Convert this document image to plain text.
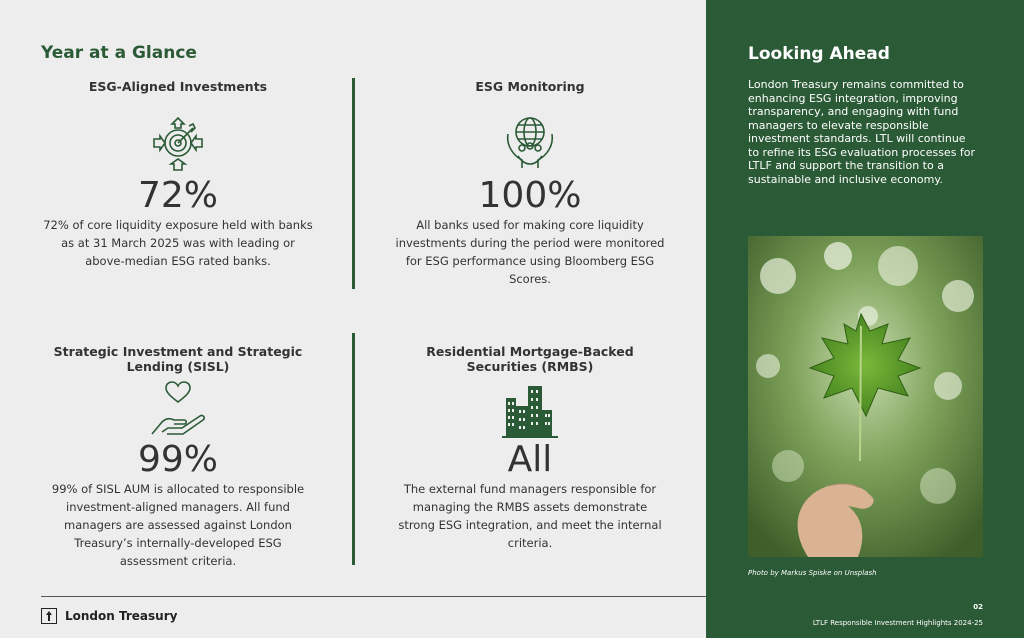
Year at a Glance
ESG-Aligned Investments
72%
72% of core liquidity exposure held with banks as at 31 March 2025 was with leading or above-median ESG rated banks.
ESG Monitoring
100%
All banks used for making core liquidity investments during the period were monitored for ESG performance using Bloomberg ESG Scores.
Strategic Investment and Strategic Lending (SISL)
99%
99% of SISL AUM is allocated to responsible investment-aligned managers. All fund managers are assessed against London Treasury’s internally-developed ESG assessment criteria.
Residential Mortgage-Backed Securities (RMBS)
All
The external fund managers responsible for managing the RMBS assets demonstrate strong ESG integration, and meet the internal criteria.
London Treasury
Looking Ahead
London Treasury remains committed to enhancing ESG integration, improving transparency, and engaging with fund managers to elevate responsible investment standards. LTL will continue to refine its ESG evaluation processes for LTLF and support the transition to a sustainable and inclusive economy.
Photo by Markus Spiske on Unsplash
02
LTLF Responsible Investment Highlights 2024-25
